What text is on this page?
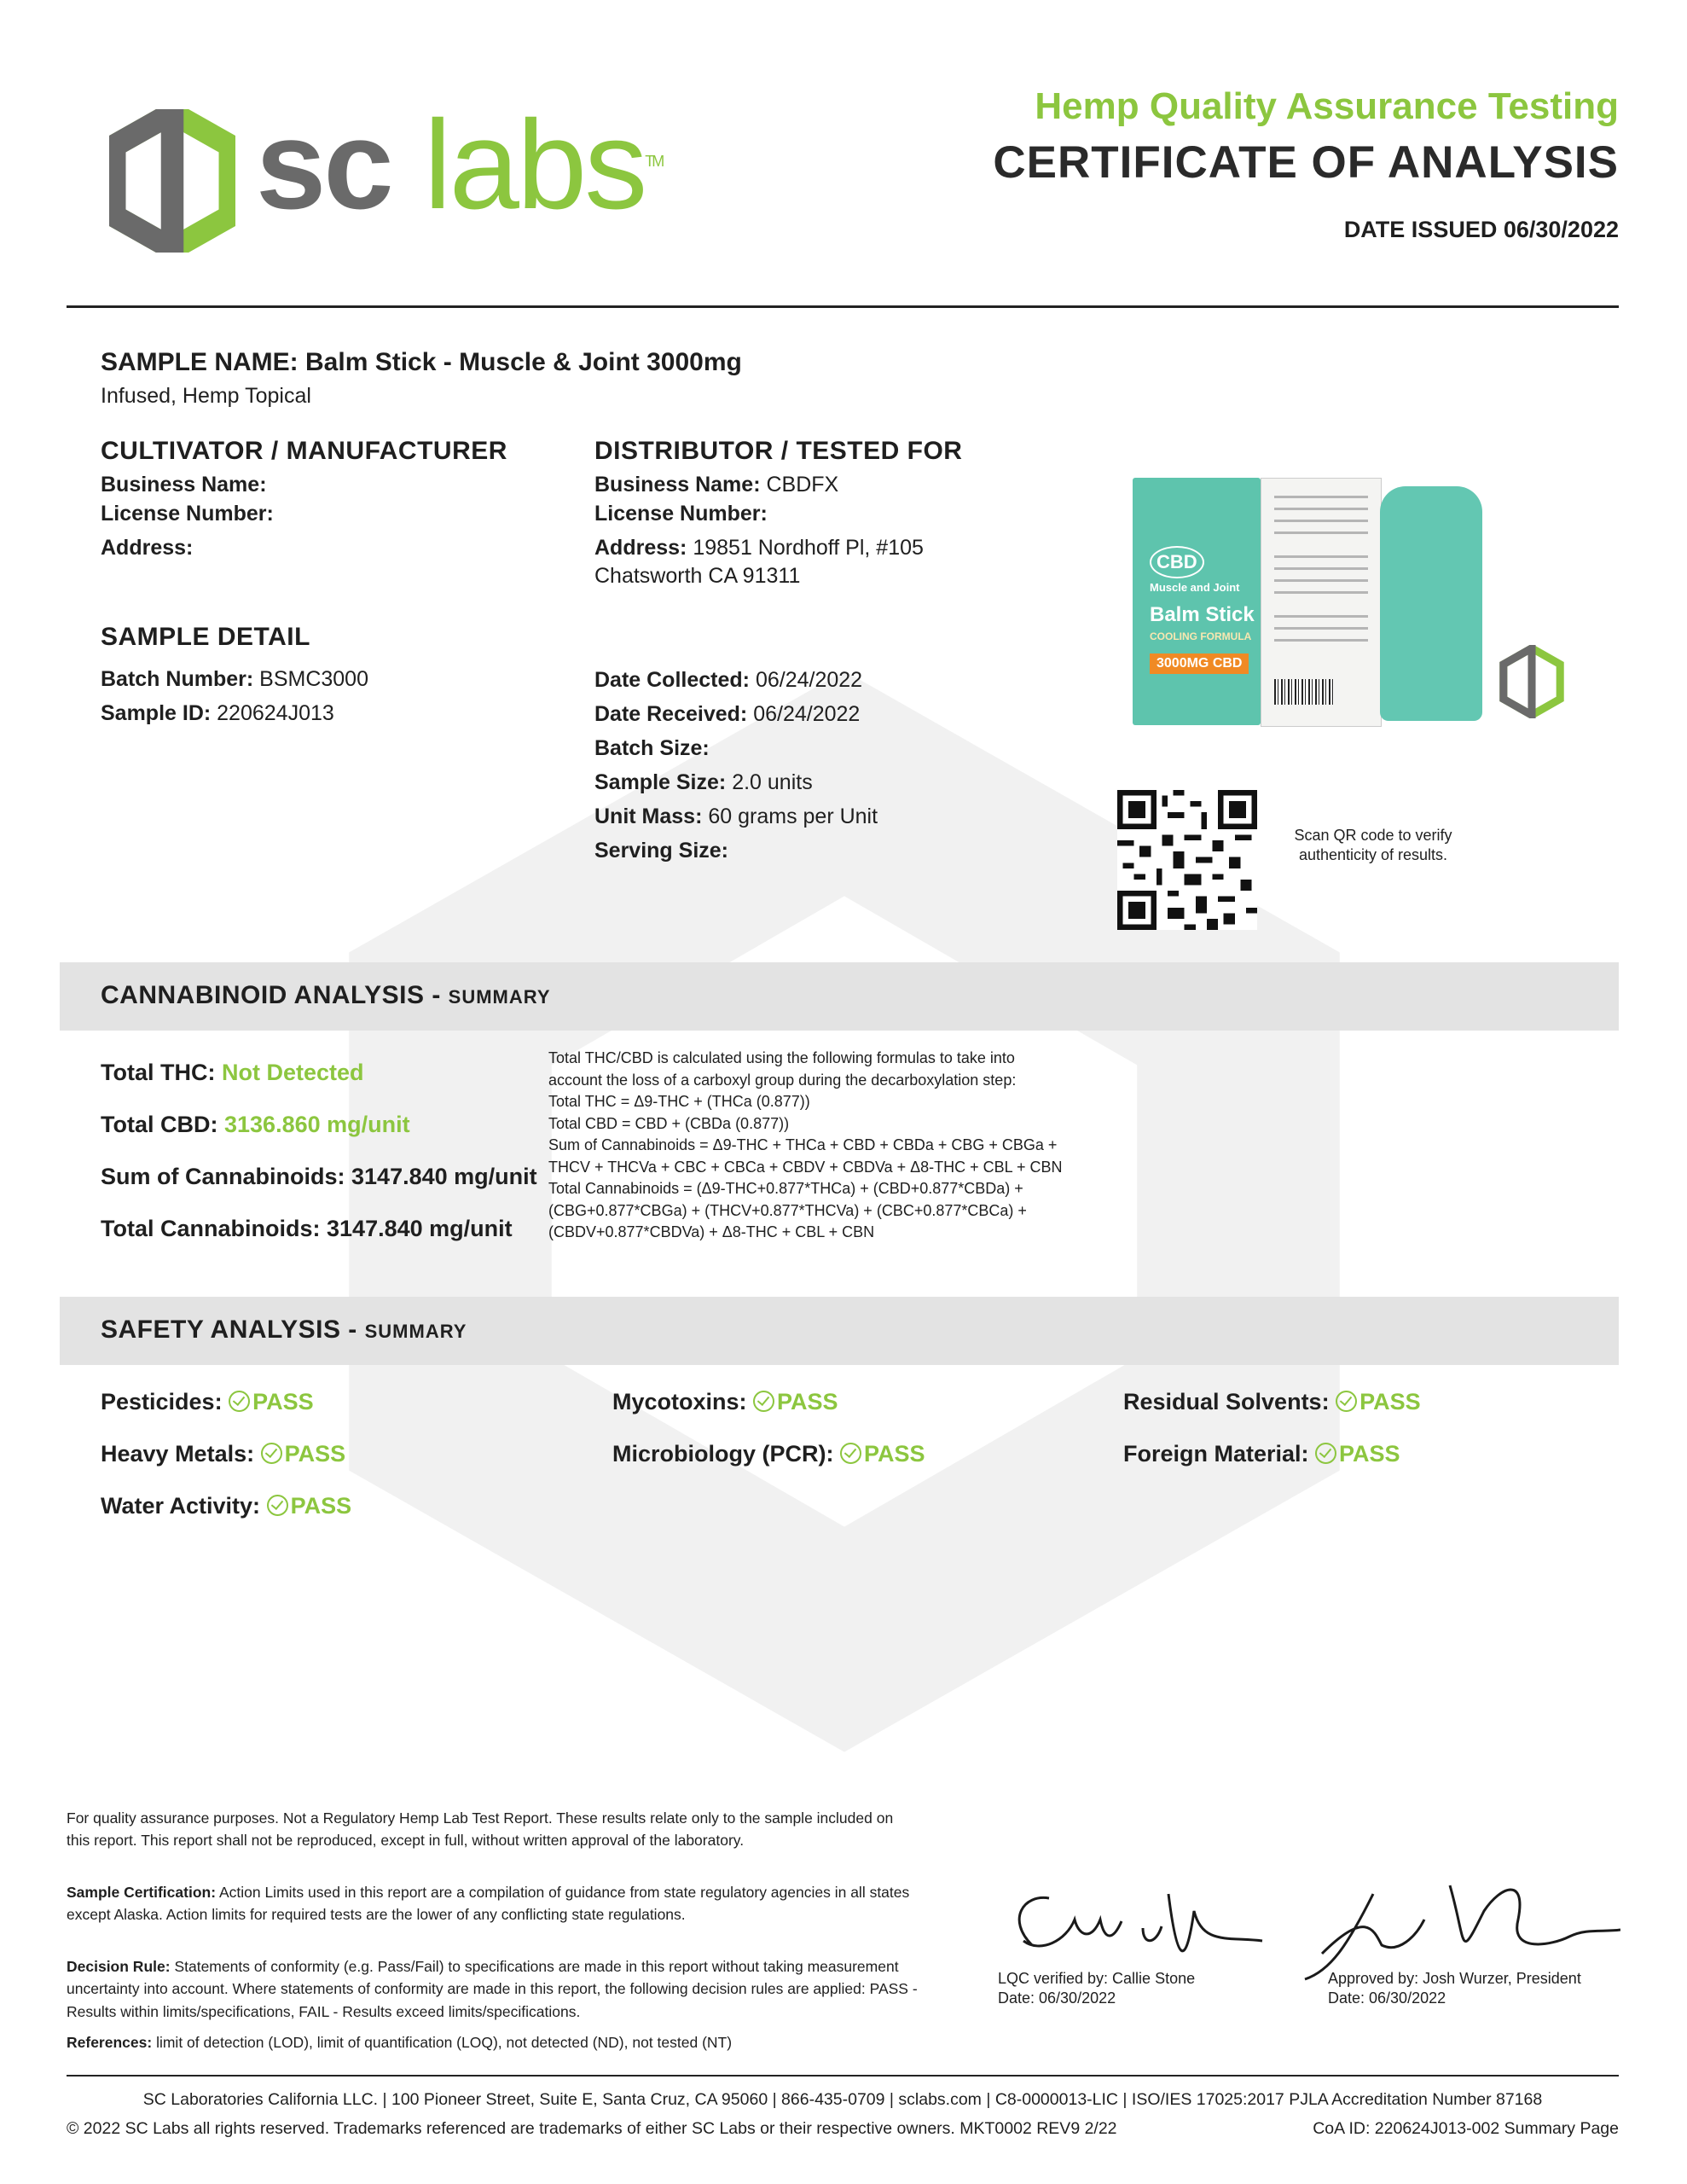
sc labs™
Hemp Quality Assurance Testing
CERTIFICATE OF ANALYSIS
DATE ISSUED 06/30/2022
SAMPLE NAME: Balm Stick - Muscle & Joint 3000mg
Infused, Hemp Topical
CULTIVATOR / MANUFACTURER
Business Name:
License Number:
Address:
DISTRIBUTOR / TESTED FOR
Business Name: CBDFX
License Number:
Address: 19851 Nordhoff Pl, #105
Chatsworth CA 91311
SAMPLE DETAIL
Batch Number: BSMC3000
Sample ID: 220624J013
Date Collected: 06/24/2022
Date Received: 06/24/2022
Batch Size:
Sample Size: 2.0 units
Unit Mass: 60 grams per Unit
Serving Size:
CBD
Muscle and Joint
Balm Stick
COOLING FORMULA
3000MG CBD
Scan QR code to verify authenticity of results.
CANNABINOID ANALYSIS - SUMMARY
Total THC: Not Detected
Total CBD: 3136.860 mg/unit
Sum of Cannabinoids: 3147.840 mg/unit
Total Cannabinoids: 3147.840 mg/unit
Total THC/CBD is calculated using the following formulas to take into
account the loss of a carboxyl group during the decarboxylation step:
Total THC = Δ9-THC + (THCa (0.877))
Total CBD = CBD + (CBDa (0.877))
Sum of Cannabinoids = Δ9-THC + THCa + CBD + CBDa + CBG + CBGa +
THCV + THCVa + CBC + CBCa + CBDV + CBDVa + Δ8-THC + CBL + CBN
Total Cannabinoids = (Δ9-THC+0.877*THCa) + (CBD+0.877*CBDa) +
(CBG+0.877*CBGa) + (THCV+0.877*THCVa) + (CBC+0.877*CBCa) +
(CBDV+0.877*CBDVa) + Δ8-THC + CBL + CBN
SAFETY ANALYSIS - SUMMARY
Pesticides: PASS	Mycotoxins: PASS	Residual Solvents: PASS
Heavy Metals: PASS	Microbiology (PCR): PASS	Foreign Material: PASS
Water Activity: PASS
For quality assurance purposes. Not a Regulatory Hemp Lab Test Report. These results relate only to the sample included on this report. This report shall not be reproduced, except in full, without written approval of the laboratory.
Sample Certification: Action Limits used in this report are a compilation of guidance from state regulatory agencies in all states except Alaska. Action limits for required tests are the lower of any conflicting state regulations.
Decision Rule: Statements of conformity (e.g. Pass/Fail) to specifications are made in this report without taking measurement uncertainty into account. Where statements of conformity are made in this report, the following decision rules are applied: PASS - Results within limits/specifications, FAIL - Results exceed limits/specifications.
References: limit of detection (LOD), limit of quantification (LOQ), not detected (ND), not tested (NT)
LQC verified by: Callie Stone
Date: 06/30/2022
Approved by: Josh Wurzer, President
Date: 06/30/2022
SC Laboratories California LLC. | 100 Pioneer Street, Suite E, Santa Cruz, CA 95060 | 866-435-0709 | sclabs.com | C8-0000013-LIC | ISO/IES 17025:2017 PJLA Accreditation Number 87168
© 2022 SC Labs all rights reserved. Trademarks referenced are trademarks of either SC Labs or their respective owners. MKT0002 REV9 2/22	CoA ID: 220624J013-002 Summary Page
